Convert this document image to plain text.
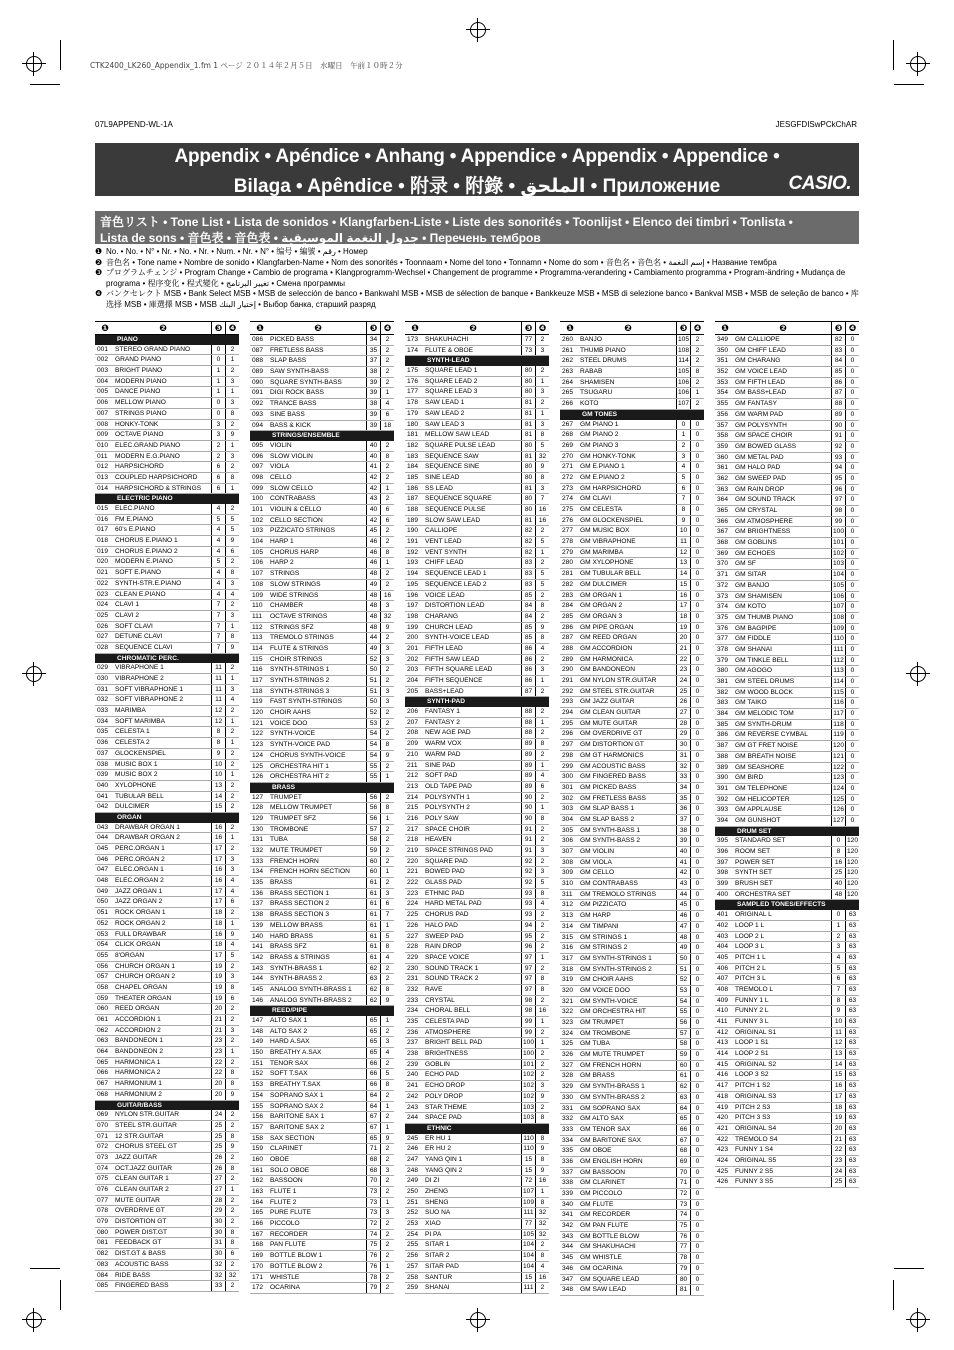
CTK2400_LK260_Appendix_1.fm 1 ページ ２０１４年２月５日　水曜日　午前１０時２分
07L9APPEND-WL-1A	JESGFDISwPCkChAR
Appendix • Apéndice • Anhang • Appendice • Appendix • Appendice •
Bilaga • Apêndice • 附录 • 附錄 • الملحق • Приложение	CASIO.
音色リスト • Tone List • Lista de sonidos • Klangfarben-Liste • Liste des sonorités • Toonlijst • Elenco dei timbri • Tonlista •
Lista de sons • 音色表 • 音色表 • جدول النغمة الموسيقية • Перечень тембров
❶ No. • No. • N° • Nr. • No. • Nr. • Num. • Nr. • N° • 编号 • 編號 • رقم • Номер
❷ 音色名 • Tone name • Nombre de sonido • Klangfarben-Name • Nom des sonorités • Toonnaam • Nome del tono • Tonnamn • Nome do som • 音色名 • 音色名 • إسم النغمة • Название тембра
❸ プログラムチェンジ • Program Change • Cambio de programa • Klangprogramm-Wechsel • Changement de programme • Programma-verandering • Cambiamento programma • Program-ändring • Mudança de programa • 程序变化 • 程式變化 • تغيير البرنامج • Смена программы
❹ バンクセレクト MSB • Bank Select MSB • MSB de selección de banco • Bankwahl MSB • MSB de sélection de banque • Bankkeuze MSB • MSB di selezione banco • Bankval MSB • MSB de seleção de banco • 库选择 MSB • 庫選擇 MSB • MSB إختيار البنك • Выбор банка, старший разряд
❶	❷	❸ ❹
PIANO
001	STEREO GRAND PIANO	0	2
002	GRAND PIANO	0	1
003	BRIGHT PIANO	1	2
004	MODERN PIANO	1	3
005	DANCE PIANO	1	1
006	MELLOW PIANO	0	3
007	STRINGS PIANO	0	8
008	HONKY-TONK	3	2
009	OCTAVE PIANO	3	9
010	ELEC.GRAND PIANO	2	1
011	MODERN E.G.PIANO	2	3
012	HARPSICHORD	6	2
013	COUPLED HARPSICHORD	6	8
014	HARPSICHORD & STRINGS	6	1
ELECTRIC PIANO
015	ELEC.PIANO	4	2
016	FM E.PIANO	5	5
017	60's E.PIANO	4	5
018	CHORUS E.PIANO 1	4	9
019	CHORUS E.PIANO 2	4	6
020	MODERN E.PIANO	5	2
021	SOFT E.PIANO	4	8
022	SYNTH-STR.E.PIANO	4	3
023	CLEAN E.PIANO	4	4
024	CLAVI 1	7	2
025	CLAVI 2	7	3
026	SOFT CLAVI	7	1
027	DETUNE CLAVI	7	8
028	SEQUENCE CLAVI	7	9
CHROMATIC PERC.
029	VIBRAPHONE 1	11	2
030	VIBRAPHONE 2	11	1
031	SOFT VIBRAPHONE 1	11	3
032	SOFT VIBRAPHONE 2	11	4
033	MARIMBA	12	2
034	SOFT MARIMBA	12	1
035	CELESTA 1	8	2
036	CELESTA 2	8	1
037	GLOCKENSPIEL	9	2
038	MUSIC BOX 1	10	2
039	MUSIC BOX 2	10	1
040	XYLOPHONE	13	2
041	TUBULAR BELL	14	2
042	DULCIMER	15	2
ORGAN
043	DRAWBAR ORGAN 1	16	2
044	DRAWBAR ORGAN 2	16	1
045	PERC.ORGAN 1	17	2
046	PERC.ORGAN 2	17	3
047	ELEC.ORGAN 1	16	3
048	ELEC.ORGAN 2	16	4
049	JAZZ ORGAN 1	17	4
050	JAZZ ORGAN 2	17	6
051	ROCK ORGAN 1	18	2
052	ROCK ORGAN 2	18	1
053	FULL DRAWBAR	16	9
054	CLICK ORGAN	18	4
055	8'ORGAN	17	5
056	CHURCH ORGAN 1	19	2
057	CHURCH ORGAN 2	19	3
058	CHAPEL ORGAN	19	8
059	THEATER ORGAN	19	6
060	REED ORGAN	20	2
061	ACCORDION 1	21	2
062	ACCORDION 2	21	3
063	BANDONEON 1	23	2
064	BANDONEON 2	23	1
065	HARMONICA 1	22	2
066	HARMONICA 2	22	8
067	HARMONIUM 1	20	8
068	HARMONIUM 2	20	9
GUITAR/BASS
069	NYLON STR.GUITAR	24	2
070	STEEL STR.GUITAR	25	2
071	12 STR.GUITAR	25	8
072	CHORUS STEEL GT	25	9
073	JAZZ GUITAR	26	2
074	OCT.JAZZ GUITAR	26	8
075	CLEAN GUITAR 1	27	2
076	CLEAN GUITAR 2	27	1
077	MUTE GUITAR	28	2
078	OVERDRIVE GT	29	2
079	DISTORTION GT	30	2
080	POWER DIST.GT	30	8
081	FEEDBACK GT	31	8
082	DIST.GT & BASS	30	6
083	ACOUSTIC BASS	32	2
084	RIDE BASS	32	32
085	FINGERED BASS	33	2
❶	❷	❸ ❹
086	PICKED BASS	34	2
087	FRETLESS BASS	35	2
088	SLAP BASS	37	2
089	SAW SYNTH-BASS	38	2
090	SQUARE SYNTH-BASS	39	2
091	DIGI ROCK BASS	39	1
092	TRANCE BASS	38	4
093	SINE BASS	39	6
094	BASS & KICK	39	18
STRINGS/ENSEMBLE
095	VIOLIN	40	2
096	SLOW VIOLIN	40	8
097	VIOLA	41	2
098	CELLO	42	2
099	SLOW CELLO	42	1
100	CONTRABASS	43	2
101	VIOLIN & CELLO	40	6
102	CELLO SECTION	42	6
103	PIZZICATO STRINGS	45	2
104	HARP 1	46	2
105	CHORUS HARP	46	8
106	HARP 2	46	1
107	STRINGS	48	2
108	SLOW STRINGS	49	2
109	WIDE STRINGS	48	16
110	CHAMBER	48	3
111	OCTAVE STRINGS	48	32
112	STRINGS SFZ	48	9
113	TREMOLO STRINGS	44	2
114	FLUTE & STRINGS	49	3
115	CHOIR STRINGS	52	3
116	SYNTH-STRINGS 1	50	2
117	SYNTH-STRINGS 2	51	2
118	SYNTH-STRINGS 3	51	3
119	FAST SYNTH-STRINGS	50	3
120	CHOIR AAHS	52	2
121	VOICE DOO	53	2
122	SYNTH-VOICE	54	2
123	SYNTH-VOICE PAD	54	8
124	CHORUS SYNTH-VOICE	54	9
125	ORCHESTRA HIT 1	55	2
126	ORCHESTRA HIT 2	55	1
BRASS
127	TRUMPET	56	2
128	MELLOW TRUMPET	56	8
129	TRUMPET SFZ	56	1
130	TROMBONE	57	2
131	TUBA	58	2
132	MUTE TRUMPET	59	2
133	FRENCH HORN	60	2
134	FRENCH HORN SECTION	60	1
135	BRASS	61	2
136	BRASS SECTION 1	61	3
137	BRASS SECTION 2	61	6
138	BRASS SECTION 3	61	7
139	MELLOW BRASS	61	1
140	HARD BRASS	61	5
141	BRASS SFZ	61	8
142	BRASS & STRINGS	61	4
143	SYNTH-BRASS 1	62	2
144	SYNTH-BRASS 2	63	2
145	ANALOG SYNTH-BRASS 1	62	8
146	ANALOG SYNTH-BRASS 2	62	9
REED/PIPE
147	ALTO SAX 1	65	1
148	ALTO SAX 2	65	2
149	HARD A.SAX	65	3
150	BREATHY A.SAX	65	4
151	TENOR SAX	66	2
152	SOFT T.SAX	66	5
153	BREATHY T.SAX	66	8
154	SOPRANO SAX 1	64	2
155	SOPRANO SAX 2	64	1
156	BARITONE SAX 1	67	2
157	BARITONE SAX 2	67	1
158	SAX SECTION	65	9
159	CLARINET	71	2
160	OBOE	68	2
161	SOLO OBOE	68	3
162	BASSOON	70	2
163	FLUTE 1	73	2
164	FLUTE 2	73	1
165	PURE FLUTE	73	3
166	PICCOLO	72	2
167	RECORDER	74	2
168	PAN FLUTE	75	2
169	BOTTLE BLOW 1	76	2
170	BOTTLE BLOW 2	76	1
171	WHISTLE	78	2
172	OCARINA	79	2
❶	❷	❸ ❹
173	SHAKUHACHI	77	2
174	FLUTE & OBOE	73	3
SYNTH-LEAD
175	SQUARE LEAD 1	80	2
176	SQUARE LEAD 2	80	1
177	SQUARE LEAD 3	80	3
178	SAW LEAD 1	81	2
179	SAW LEAD 2	81	1
180	SAW LEAD 3	81	3
181	MELLOW SAW LEAD	81	8
182	SQUARE PULSE LEAD	80	5
183	SEQUENCE SAW	81	32
184	SEQUENCE SINE	80	9
185	SINE LEAD	80	8
186	SS LEAD	81	3
187	SEQUENCE SQUARE	80	7
188	SEQUENCE PULSE	80	16
189	SLOW SAW LEAD	81	16
190	CALLIOPE	82	2
191	VENT LEAD	82	5
192	VENT SYNTH	82	1
193	CHIFF LEAD	83	2
194	SEQUENCE LEAD 1	83	5
195	SEQUENCE LEAD 2	83	5
196	VOICE LEAD	85	2
197	DISTORTION LEAD	84	8
198	CHARANG	84	2
199	CHURCH LEAD	85	9
200	SYNTH-VOICE LEAD	85	8
201	FIFTH LEAD	86	4
202	FIFTH SAW LEAD	86	2
203	FIFTH SQUARE LEAD	86	3
204	FIFTH SEQUENCE	86	1
205	BASS+LEAD	87	2
SYNTH-PAD
206	FANTASY 1	88	2
207	FANTASY 2	88	1
208	NEW AGE PAD	88	2
209	WARM VOX	89	8
210	WARM PAD	89	2
211	SINE PAD	89	1
212	SOFT PAD	89	4
213	OLD TAPE PAD	89	6
214	POLYSYNTH 1	90	2
215	POLYSYNTH 2	90	1
216	POLY SAW	90	8
217	SPACE CHOIR	91	2
218	HEAVEN	91	2
219	SPACE STRINGS PAD	91	3
220	SQUARE PAD	92	2
221	BOWED PAD	92	3
222	GLASS PAD	92	5
223	ETHNIC PAD	93	8
224	HARD METAL PAD	93	4
225	CHORUS PAD	93	2
226	HALO PAD	94	2
227	SWEEP PAD	95	2
228	RAIN DROP	96	2
229	SPACE VOICE	97	1
230	SOUND TRACK 1	97	2
231	SOUND TRACK 2	97	8
232	RAVE	97	8
233	CRYSTAL	98	2
234	CHORAL BELL	98	16
235	CELESTA PAD	99	1
236	ATMOSPHERE	99	2
237	BRIGHT BELL PAD	100	1
238	BRIGHTNESS	100	2
239	GOBLIN	101	2
240	ECHO PAD	102	2
241	ECHO DROP	102	3
242	POLY DROP	102	9
243	STAR THEME	103	2
244	SPACE PAD	103	8
ETHNIC
245	ER HU 1	110	8
246	ER HU 2	110	9
247	YANG QIN 1	15	8
248	YANG QIN 2	15	9
249	DI ZI	72	16
250	ZHENG	107	1
251	SHENG	109	8
252	SUO NA	111 32
253	XIAO	77	32
254	PI PA	105 32
255	SITAR 1	104	2
256	SITAR 2	104	8
257	SITAR PAD	104	4
258	SANTUR	15	16
259	SHANAI	111	2
❶	❷	❸ ❹
260	BANJO	105	2
261	THUMB PIANO	108	2
262	STEEL DRUMS	114	2
263	RABAB	105	8
264	SHAMISEN	106	2
265	TSUGARU	106	1
266	KOTO	107	2
GM TONES
267	GM PIANO 1	0	0
268	GM PIANO 2	1	0
269	GM PIANO 3	2	0
270	GM HONKY-TONK	3	0
271	GM E.PIANO 1	4	0
272	GM E.PIANO 2	5	0
273	GM HARPSICHORD	6	0
274	GM CLAVI	7	0
275	GM CELESTA	8	0
276	GM GLOCKENSPIEL	9	0
277	GM MUSIC BOX	10	0
278	GM VIBRAPHONE	11	0
279	GM MARIMBA	12	0
280	GM XYLOPHONE	13	0
281	GM TUBULAR BELL	14	0
282	GM DULCIMER	15	0
283	GM ORGAN 1	16	0
284	GM ORGAN 2	17	0
285	GM ORGAN 3	18	0
286	GM PIPE ORGAN	19	0
287	GM REED ORGAN	20	0
288	GM ACCORDION	21	0
289	GM HARMONICA	22	0
290	GM BANDONEON	23	0
291	GM NYLON STR.GUITAR	24	0
292	GM STEEL STR.GUITAR	25	0
293	GM JAZZ GUITAR	26	0
294	GM CLEAN GUITAR	27	0
295	GM MUTE GUITAR	28	0
296	GM OVERDRIVE GT	29	0
297	GM DISTORTION GT	30	0
298	GM GT HARMONICS	31	0
299	GM ACOUSTIC BASS	32	0
300	GM FINGERED BASS	33	0
301	GM PICKED BASS	34	0
302	GM FRETLESS BASS	35	0
303	GM SLAP BASS 1	36	0
304	GM SLAP BASS 2	37	0
305	GM SYNTH-BASS 1	38	0
306	GM SYNTH-BASS 2	39	0
307	GM VIOLIN	40	0
308	GM VIOLA	41	0
309	GM CELLO	42	0
310	GM CONTRABASS	43	0
311	GM TREMOLO STRINGS	44	0
312	GM PIZZICATO	45	0
313	GM HARP	46	0
314	GM TIMPANI	47	0
315	GM STRINGS 1	48	0
316	GM STRINGS 2	49	0
317	GM SYNTH-STRINGS 1	50	0
318	GM SYNTH-STRINGS 2	51	0
319	GM CHOIR AAHS	52	0
320	GM VOICE DOO	53	0
321	GM SYNTH-VOICE	54	0
322	GM ORCHESTRA HIT	55	0
323	GM TRUMPET	56	0
324	GM TROMBONE	57	0
325	GM TUBA	58	0
326	GM MUTE TRUMPET	59	0
327	GM FRENCH HORN	60	0
328	GM BRASS	61	0
329	GM SYNTH-BRASS 1	62	0
330	GM SYNTH-BRASS 2	63	0
331	GM SOPRANO SAX	64	0
332	GM ALTO SAX	65	0
333	GM TENOR SAX	66	0
334	GM BARITONE SAX	67	0
335	GM OBOE	68	0
336	GM ENGLISH HORN	69	0
337	GM BASSOON	70	0
338	GM CLARINET	71	0
339	GM PICCOLO	72	0
340	GM FLUTE	73	0
341	GM RECORDER	74	0
342	GM PAN FLUTE	75	0
343	GM BOTTLE BLOW	76	0
344	GM SHAKUHACHI	77	0
345	GM WHISTLE	78	0
346	GM OCARINA	79	0
347	GM SQUARE LEAD	80	0
348	GM SAW LEAD	81	0
❶	❷	❸ ❹
349	GM CALLIOPE	82	0
350	GM CHIFF LEAD	83	0
351	GM CHARANG	84	0
352	GM VOICE LEAD	85	0
353	GM FIFTH LEAD	86	0
354	GM BASS+LEAD	87	0
355	GM FANTASY	88	0
356	GM WARM PAD	89	0
357	GM POLYSYNTH	90	0
358	GM SPACE CHOIR	91	0
359	GM BOWED GLASS	92	0
360	GM METAL PAD	93	0
361	GM HALO PAD	94	0
362	GM SWEEP PAD	95	0
363	GM RAIN DROP	96	0
364	GM SOUND TRACK	97	0
365	GM CRYSTAL	98	0
366	GM ATMOSPHERE	99	0
367	GM BRIGHTNESS	100	0
368	GM GOBLINS	101	0
369	GM ECHOES	102	0
370	GM SF	103	0
371	GM SITAR	104	0
372	GM BANJO	105	0
373	GM SHAMISEN	106	0
374	GM KOTO	107	0
375	GM THUMB PIANO	108	0
376	GM BAGPIPE	109	0
377	GM FIDDLE	110	0
378	GM SHANAI	111	0
379	GM TINKLE BELL	112	0
380	GM AGOGO	113	0
381	GM STEEL DRUMS	114	0
382	GM WOOD BLOCK	115	0
383	GM TAIKO	116	0
384	GM MELODIC TOM	117	0
385	GM SYNTH-DRUM	118	0
386	GM REVERSE CYMBAL	119	0
387	GM GT FRET NOISE	120	0
388	GM BREATH NOISE	121	0
389	GM SEASHORE	122	0
390	GM BIRD	123	0
391	GM TELEPHONE	124	0
392	GM HELICOPTER	125	0
393	GM APPLAUSE	126	0
394	GM GUNSHOT	127	0
DRUM SET
395	STANDARD SET	0	120
396	ROOM SET	8	120
397	POWER SET	16 120
398	SYNTH SET	25 120
399	BRUSH SET	40 120
400	ORCHESTRA SET	48 120
SAMPLED TONES/EFFECTS
401	ORIGINAL L	0	63
402	LOOP 1 L	1	63
403	LOOP 2 L	2	63
404	LOOP 3 L	3	63
405	PITCH 1 L	4	63
406	PITCH 2 L	5	63
407	PITCH 3 L	6	63
408	TREMOLO L	7	63
409	FUNNY 1 L	8	63
410	FUNNY 2 L	9	63
411	FUNNY 3 L	10	63
412	ORIGINAL S1	11	63
413	LOOP 1 S1	12	63
414	LOOP 2 S1	13	63
415	ORIGINAL S2	14	63
416	LOOP 3 S2	15	63
417	PITCH 1 S2	16	63
418	ORIGINAL S3	17	63
419	PITCH 2 S3	18	63
420	PITCH 3 S3	19	63
421	ORIGINAL S4	20	63
422	TREMOLO S4	21	63
423	FUNNY 1 S4	22	63
424	ORIGINAL S5	23	63
425	FUNNY 2 S5	24	63
426	FUNNY 3 S5	25	63
